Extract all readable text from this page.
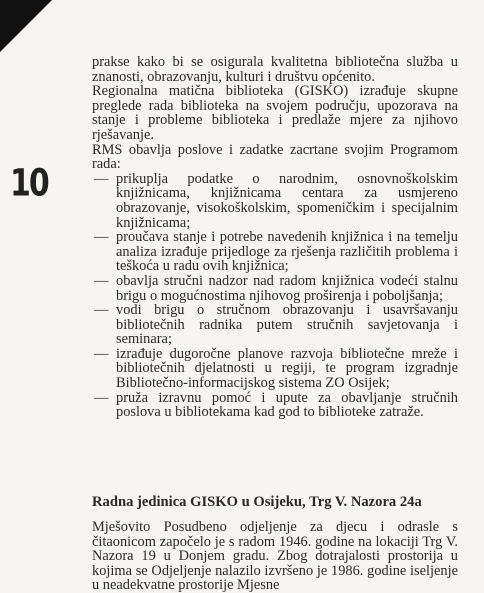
10

prakse kako bi se osigurala kvalitetna bibliotečna služba u znanosti, obrazovanju, kulturi i društvu općenito.

Regionalna matična biblioteka (GISKO) izrađuje skupne preglede rada biblioteka na svojem području, upozorava na stanje i probleme biblioteka i predlaže mjere za njihovo rješavanje.

RMS obavlja poslove i zadatke zacrtane svojim Programom rada:

— prikuplja podatke o narodnim, osnovnoškolskim knjižnicama, knjižnicama centara za usmjereno obrazovanje, visokoškolskim, spomeničkim i specijalnim knjižnicama;
— proučava stanje i potrebe navedenih knjižnica i na temelju analiza izrađuje prijedloge za rješenja različitih problema i teškoća u radu ovih knjižnica;
— obavlja stručni nadzor nad radom knjižnica vodeći stalnu brigu o mogućnostima njihovog proširenja i poboljšanja;
— vodi brigu o stručnom obrazovanju i usavršavanju bibliotečnih radnika putem stručnih savjetovanja i seminara;
— izrađuje dugoročne planove razvoja bibliotečne mreže i bibliotečnih djelatnosti u regiji, te program izgradnje Bibliotečno-informacijskog sistema ZO Osijek;
— pruža izravnu pomoć i upute za obavljanje stručnih poslova u bibliotekama kad god to biblioteke zatraže.
Radna jedinica GISKO u Osijeku, Trg V. Nazora 24a

Mješovito Posudbeno odjeljenje za djecu i odrasle s čitaonicom započelo je s radom 1946. godine na lokaciji Trg V. Nazora 19 u Donjem gradu. Zbog dotrajalosti prostorija u kojima se Odjeljenje nalazilo izvršeno je 1986. godine iseljenje u neadekvatne prostorije Mjesne
